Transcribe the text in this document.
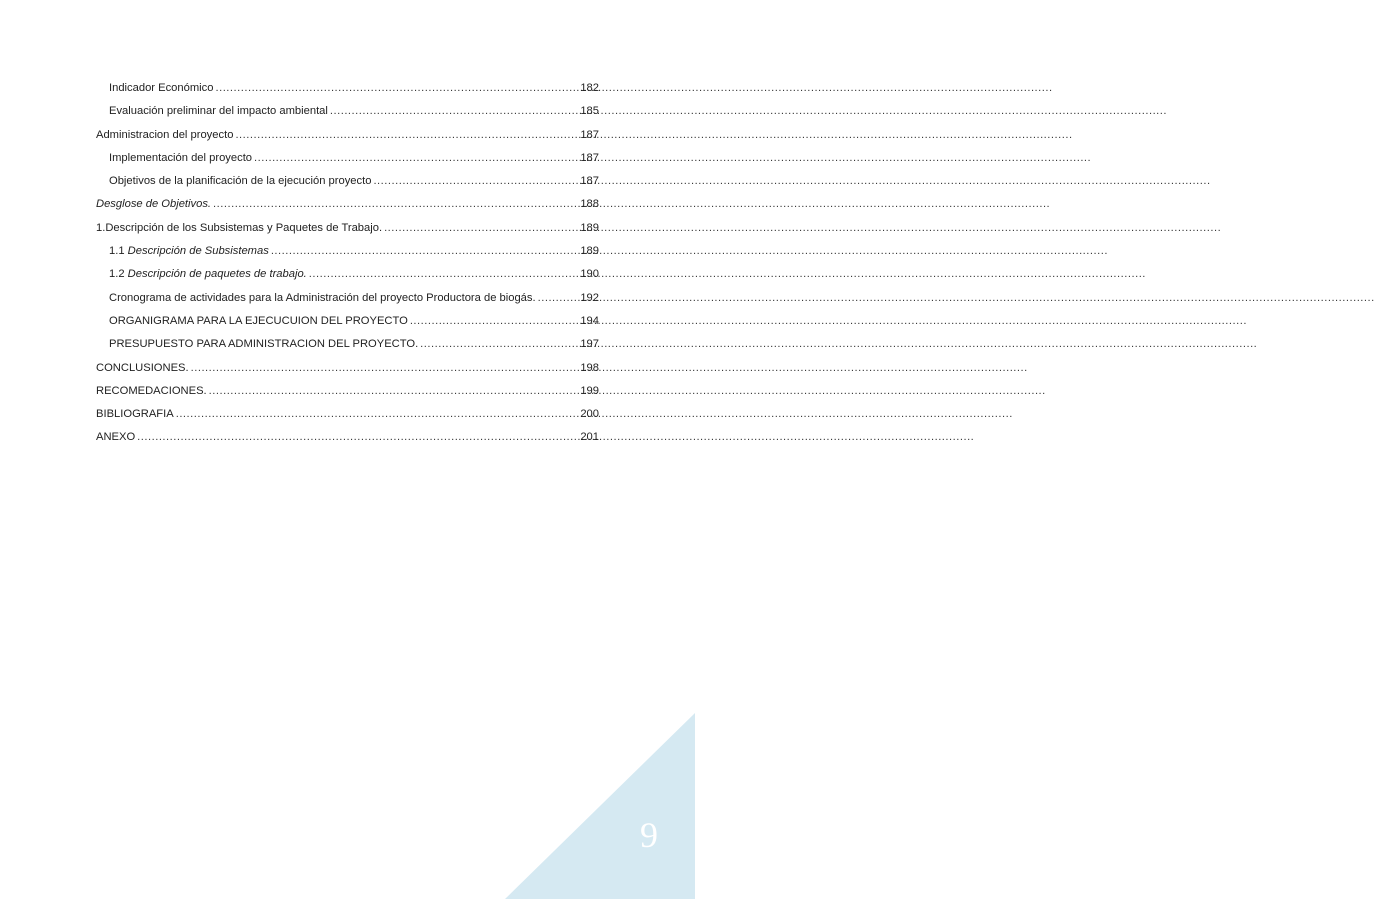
Indicador Económico .....	182
Evaluación preliminar del impacto ambiental .....	185
Administracion del proyecto .....	187
Implementación del proyecto .....	187
Objetivos de la planificación de la ejecución proyecto .....	187
Desglose de Objetivos. .....	188
1. Descripción de los Subsistemas y Paquetes de Trabajo. .....	189
1.1 Descripción de Subsistemas .....	189
1.2 Descripción de paquetes de trabajo. .....	190
Cronograma de actividades para la Administración del proyecto Productora de biogás. .....	192
ORGANIGRAMA PARA LA EJECUCUION DEL PROYECTO .....	194
PRESUPUESTO PARA ADMINISTRACION DEL PROYECTO. .....	197
CONCLUSIONES. .....	198
RECOMEDACIONES. .....	199
BIBLIOGRAFIA .....	200
ANEXO .....	201
9
